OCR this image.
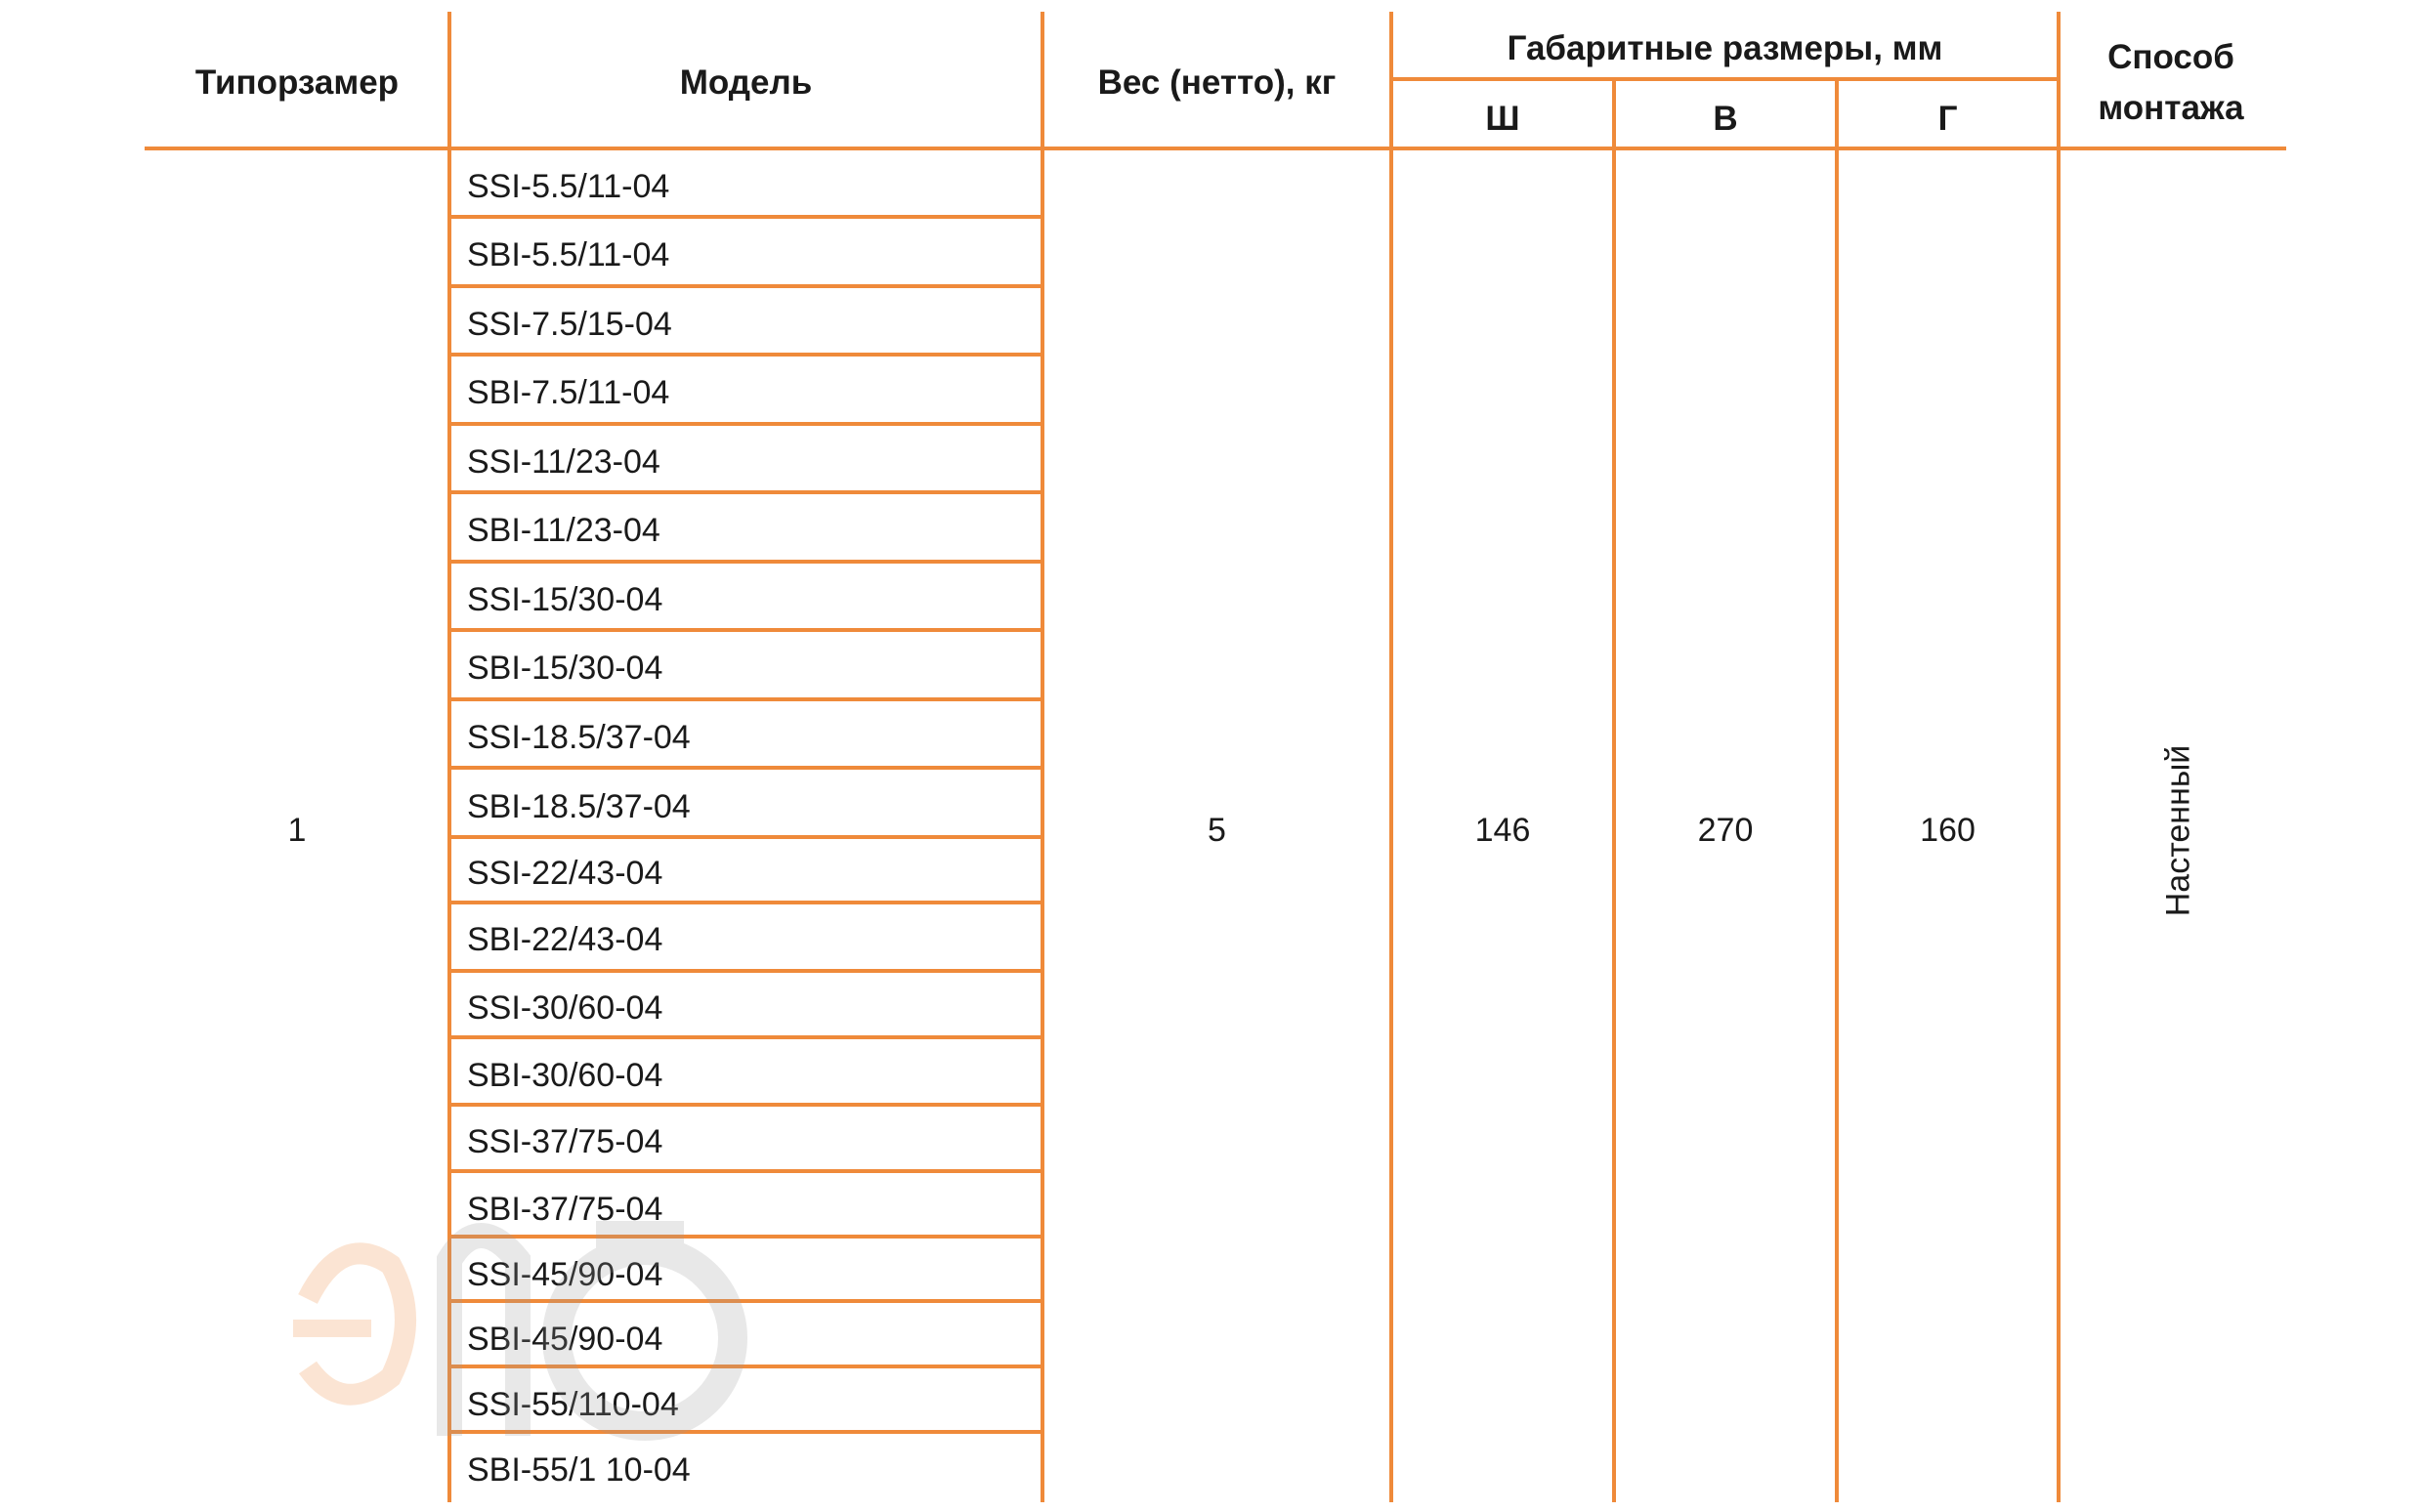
Типорзамер	Модель	Вес (нетто), кг
Габаритные размеры, мм
Ш	В	Г
Способ
монтажа
SSI-5.5/11-04
SBI-5.5/11-04
SSI-7.5/15-04
SBI-7.5/11-04
SSI-11/23-04
SBI-11/23-04
SSI-15/30-04
SBI-15/30-04
SSI-18.5/37-04
SBI-18.5/37-04
SSI-22/43-04
SBI-22/43-04
SSI-30/60-04
SBI-30/60-04
SSI-37/75-04
SBI-37/75-04
SSI-45/90-04
SBI-45/90-04
SSI-55/110-04
SBI-55/1 10-04
1	5	146	270	160	Настенный
